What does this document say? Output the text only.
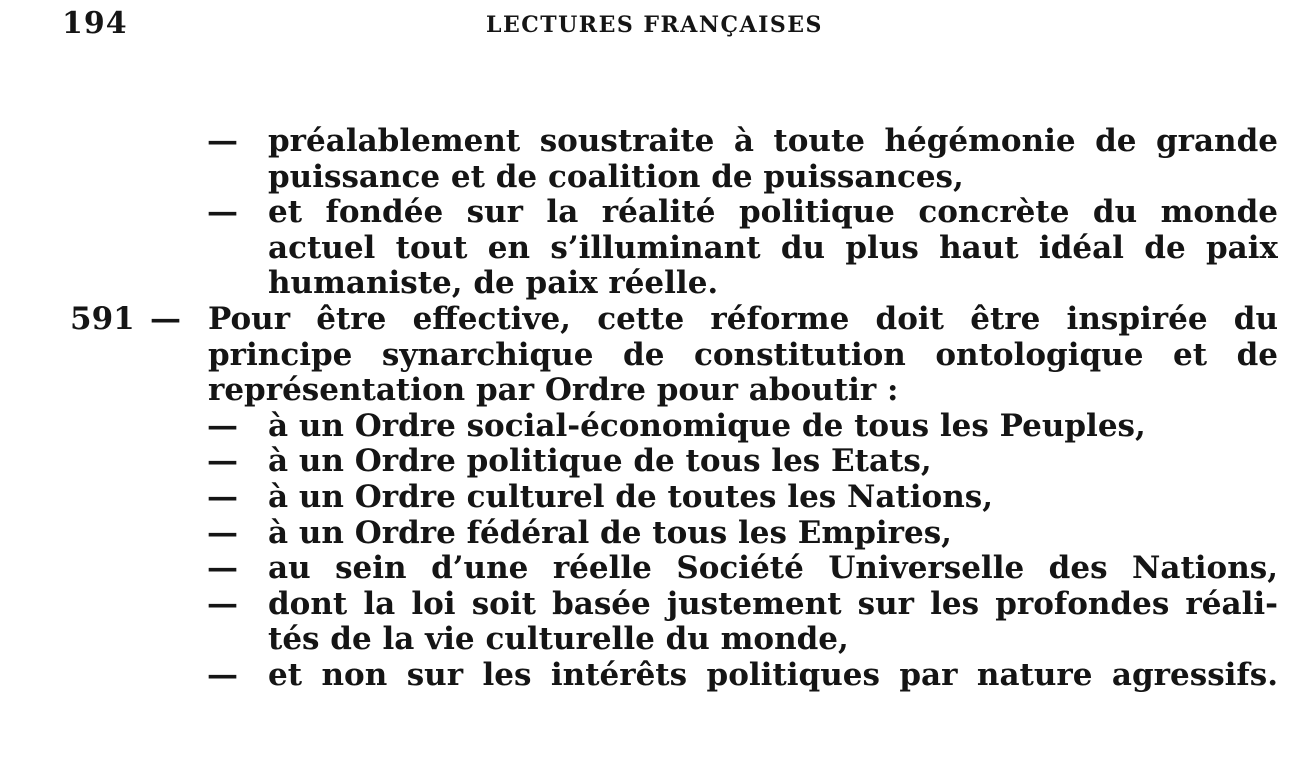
194	LECTURES FRANÇAISES
— préalablement soustraite à toute hégémonie de grande
puissance et de coalition de puissances,
— et fondée sur la réalité politique concrète du monde
actuel tout en s’illuminant du plus haut idéal de paix
humaniste, de paix réelle.
591 — Pour être effective, cette réforme doit être inspirée du
principe synarchique de constitution ontologique et de
représentation par Ordre pour aboutir :
— à un Ordre social-économique de tous les Peuples,
— à un Ordre politique de tous les Etats,
— à un Ordre culturel de toutes les Nations,
— à un Ordre fédéral de tous les Empires,
— au sein d’une réelle Société Universelle des Nations,
— dont la loi soit basée justement sur les profondes réali-
tés de la vie culturelle du monde,
— et non sur les intérêts politiques par nature agressifs.
